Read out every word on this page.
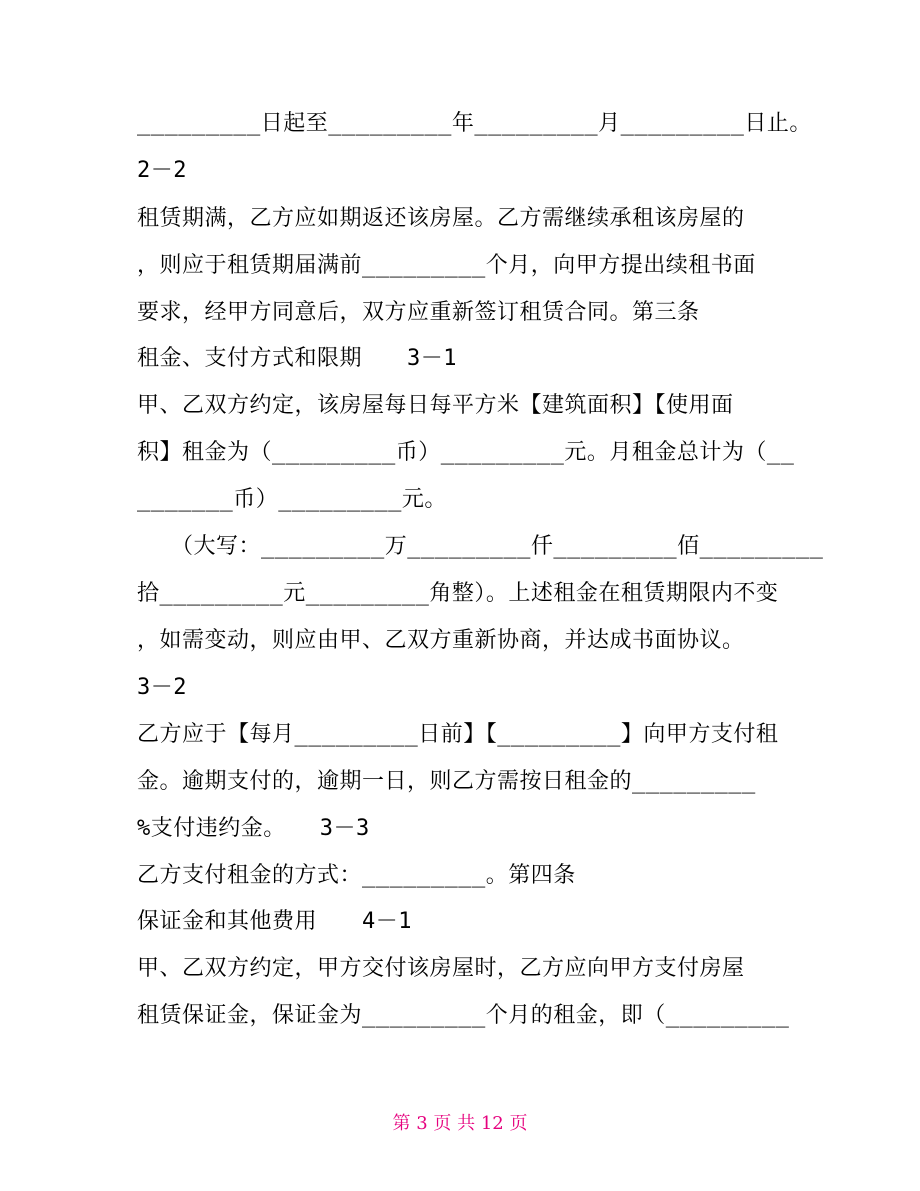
_________日起至_________年_________月_________日止。
2－2
租赁期满，乙方应如期返还该房屋。乙方需继续承租该房屋的
，则应于租赁期届满前_________个月，向甲方提出续租书面
要求，经甲方同意后，双方应重新签订租赁合同。第三条
租金、支付方式和限期　　3－1
甲、乙双方约定，该房屋每日每平方米【建筑面积】【使用面
积】租金为（_________币）_________元。月租金总计为（__
_______币）_________元。
　　（大写：_________万_________仟_________佰_________
拾_________元_________角整）。上述租金在租赁期限内不变
，如需变动，则应由甲、乙双方重新协商，并达成书面协议。
3－2
乙方应于【每月_________日前】【_________】向甲方支付租
金。逾期支付的，逾期一日，则乙方需按日租金的_________
%支付违约金。　　3－3
乙方支付租金的方式：_________。第四条
保证金和其他费用　　4－1
甲、乙双方约定，甲方交付该房屋时，乙方应向甲方支付房屋
租赁保证金，保证金为_________个月的租金，即（_________
第 3 页 共 12 页
